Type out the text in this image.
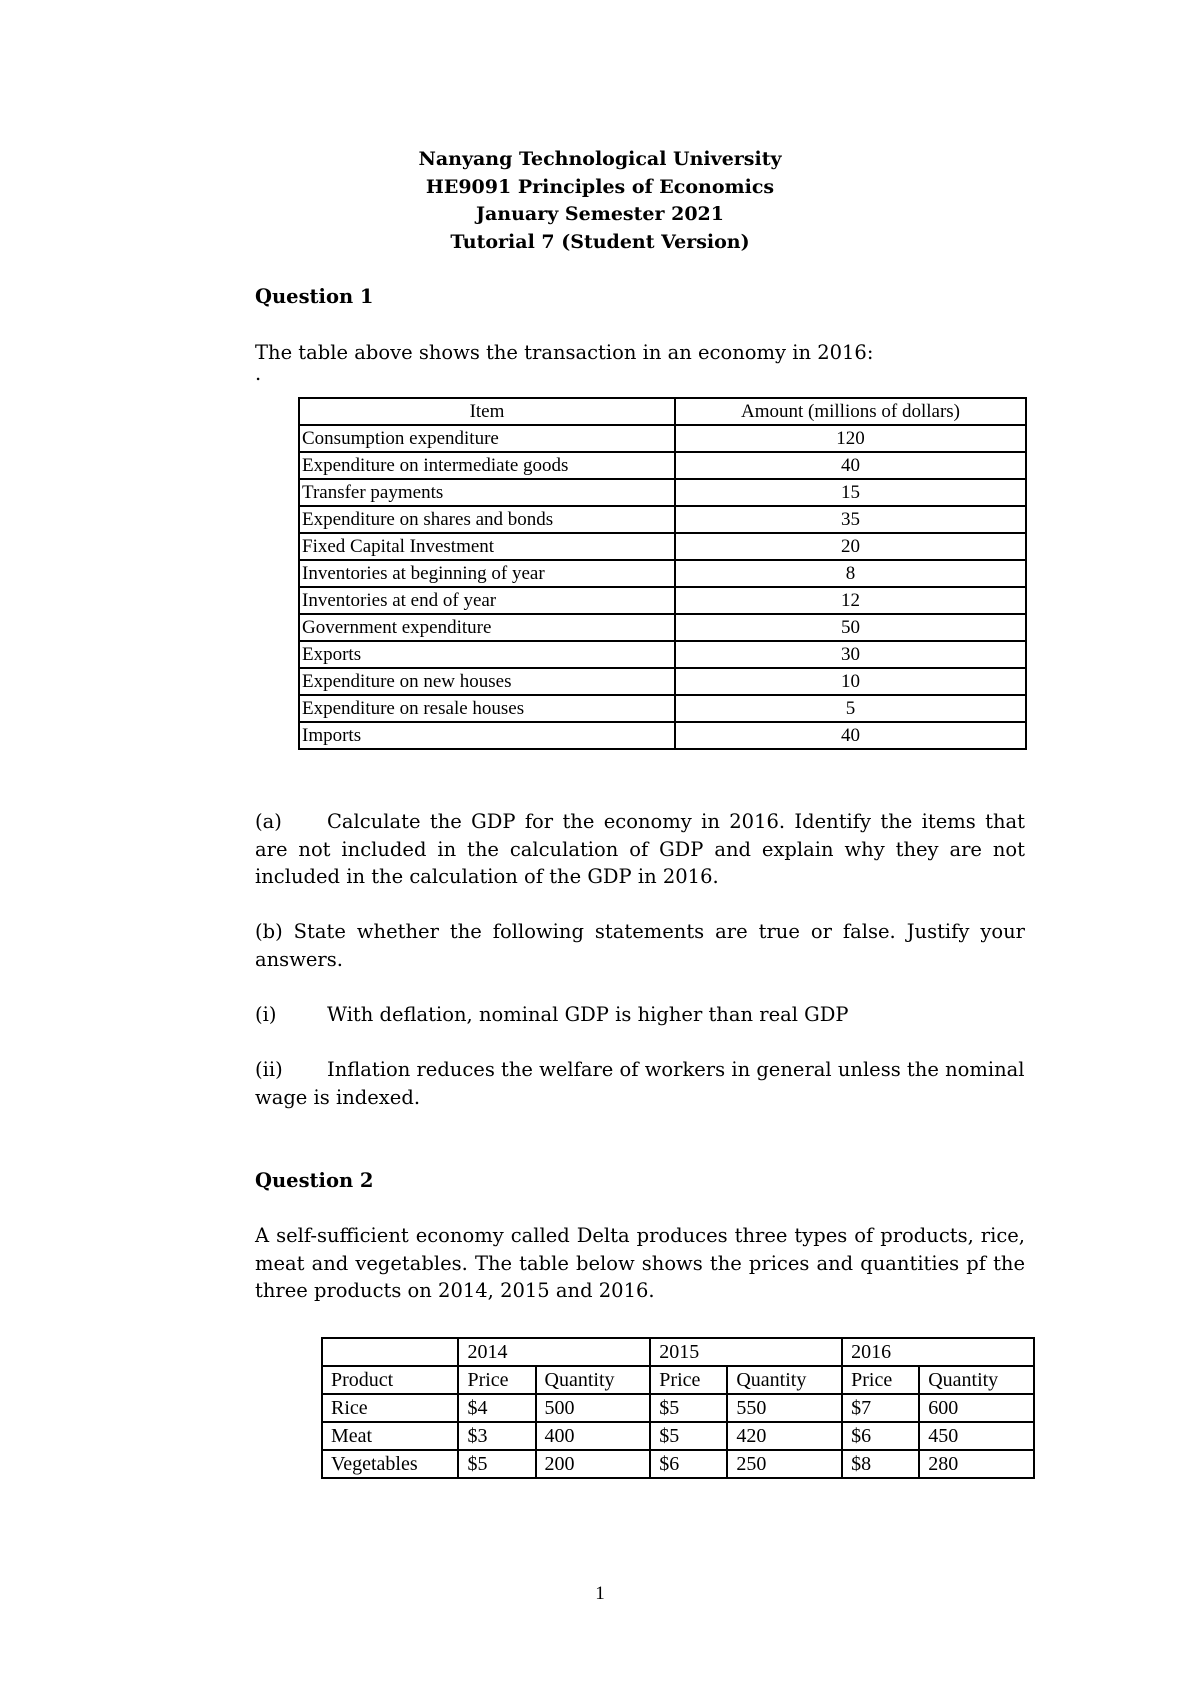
Nanyang Technological University
HE9091 Principles of Economics
January Semester 2021
Tutorial 7 (Student Version)
Question 1
The table above shows the transaction in an economy in 2016:
.
Item	Amount (millions of dollars)
Consumption expenditure	120
Expenditure on intermediate goods	40
Transfer payments	15
Expenditure on shares and bonds	35
Fixed Capital Investment	20
Inventories at beginning of year	8
Inventories at end of year	12
Government expenditure	50
Exports	30
Expenditure on new houses	10
Expenditure on resale houses	5
Imports	40
(a) Calculate the GDP for the economy in 2016. Identify the items that are not included in the calculation of GDP and explain why they are not included in the calculation of the GDP in 2016.
(b) State whether the following statements are true or false. Justify your answers.
(i)	With deflation, nominal GDP is higher than real GDP
(ii) Inflation reduces the welfare of workers in general unless the nominal wage is indexed.
Question 2
A self-sufficient economy called Delta produces three types of products, rice, meat and vegetables. The table below shows the prices and quantities pf the three products on 2014, 2015 and 2016.
	2014		2015		2016	
Product	Price	Quantity	Price	Quantity	Price	Quantity
Rice	$4	500	$5	550	$7	600
Meat	$3	400	$5	420	$6	450
Vegetables	$5	200	$6	250	$8	280
1
